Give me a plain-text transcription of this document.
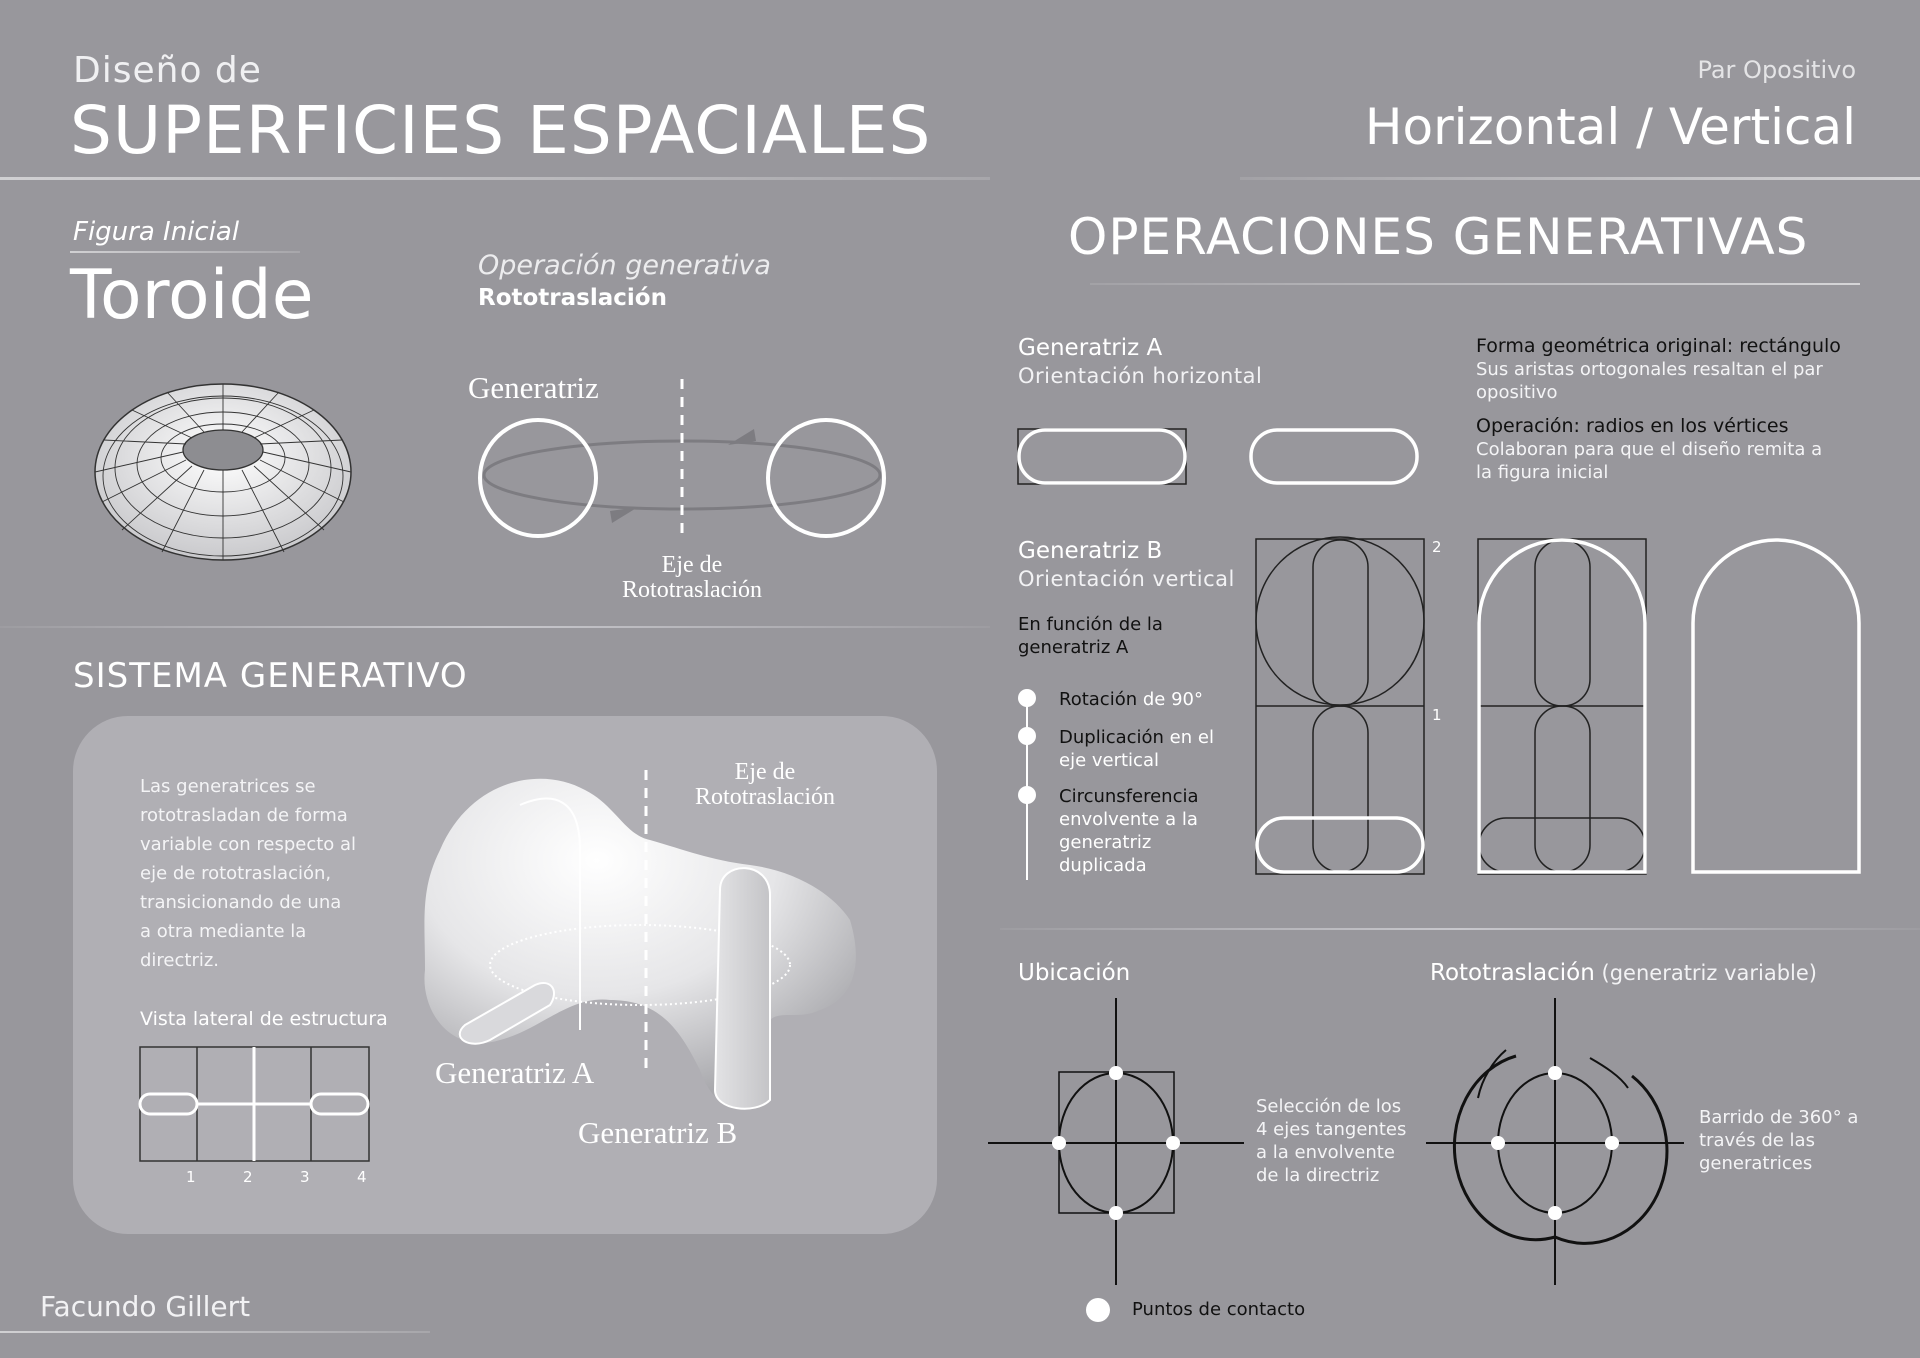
Diseño de
SUPERFICIES ESPACIALES
Par Opositivo
Horizontal / Vertical
Figura Inicial
Toroide	Operación generativa
Rototraslación
Generatriz
Eje de
Rototraslación
SISTEMA GENERATIVO
Las generatrices se
rototrasladan de forma
variable con respecto al
eje de rototraslación,
transicionando de una
a otra mediante la
directriz.
Vista lateral de estructura
1	2	3	4
Eje de
Rototraslación
Generatriz A
Generatriz B
Facundo Gillert
OPERACIONES GENERATIVAS
Generatriz A
Orientación horizontal
Forma geométrica original: rectángulo
Sus aristas ortogonales resaltan el par
opositivo
Operación: radios en los vértices
Colaboran para que el diseño remita a
la figura inicial
Generatriz B
Orientación vertical
En función de la
generatriz A
Rotación de 90°
Duplicación en el
eje vertical
Circunsferencia
envolvente a la
generatriz
duplicada
2
1
Ubicación
Selección de los
4 ejes tangentes
a la envolvente
de la directriz
Rototraslación (generatriz variable)
Barrido de 360° a
través de las
generatrices
Puntos de contacto
